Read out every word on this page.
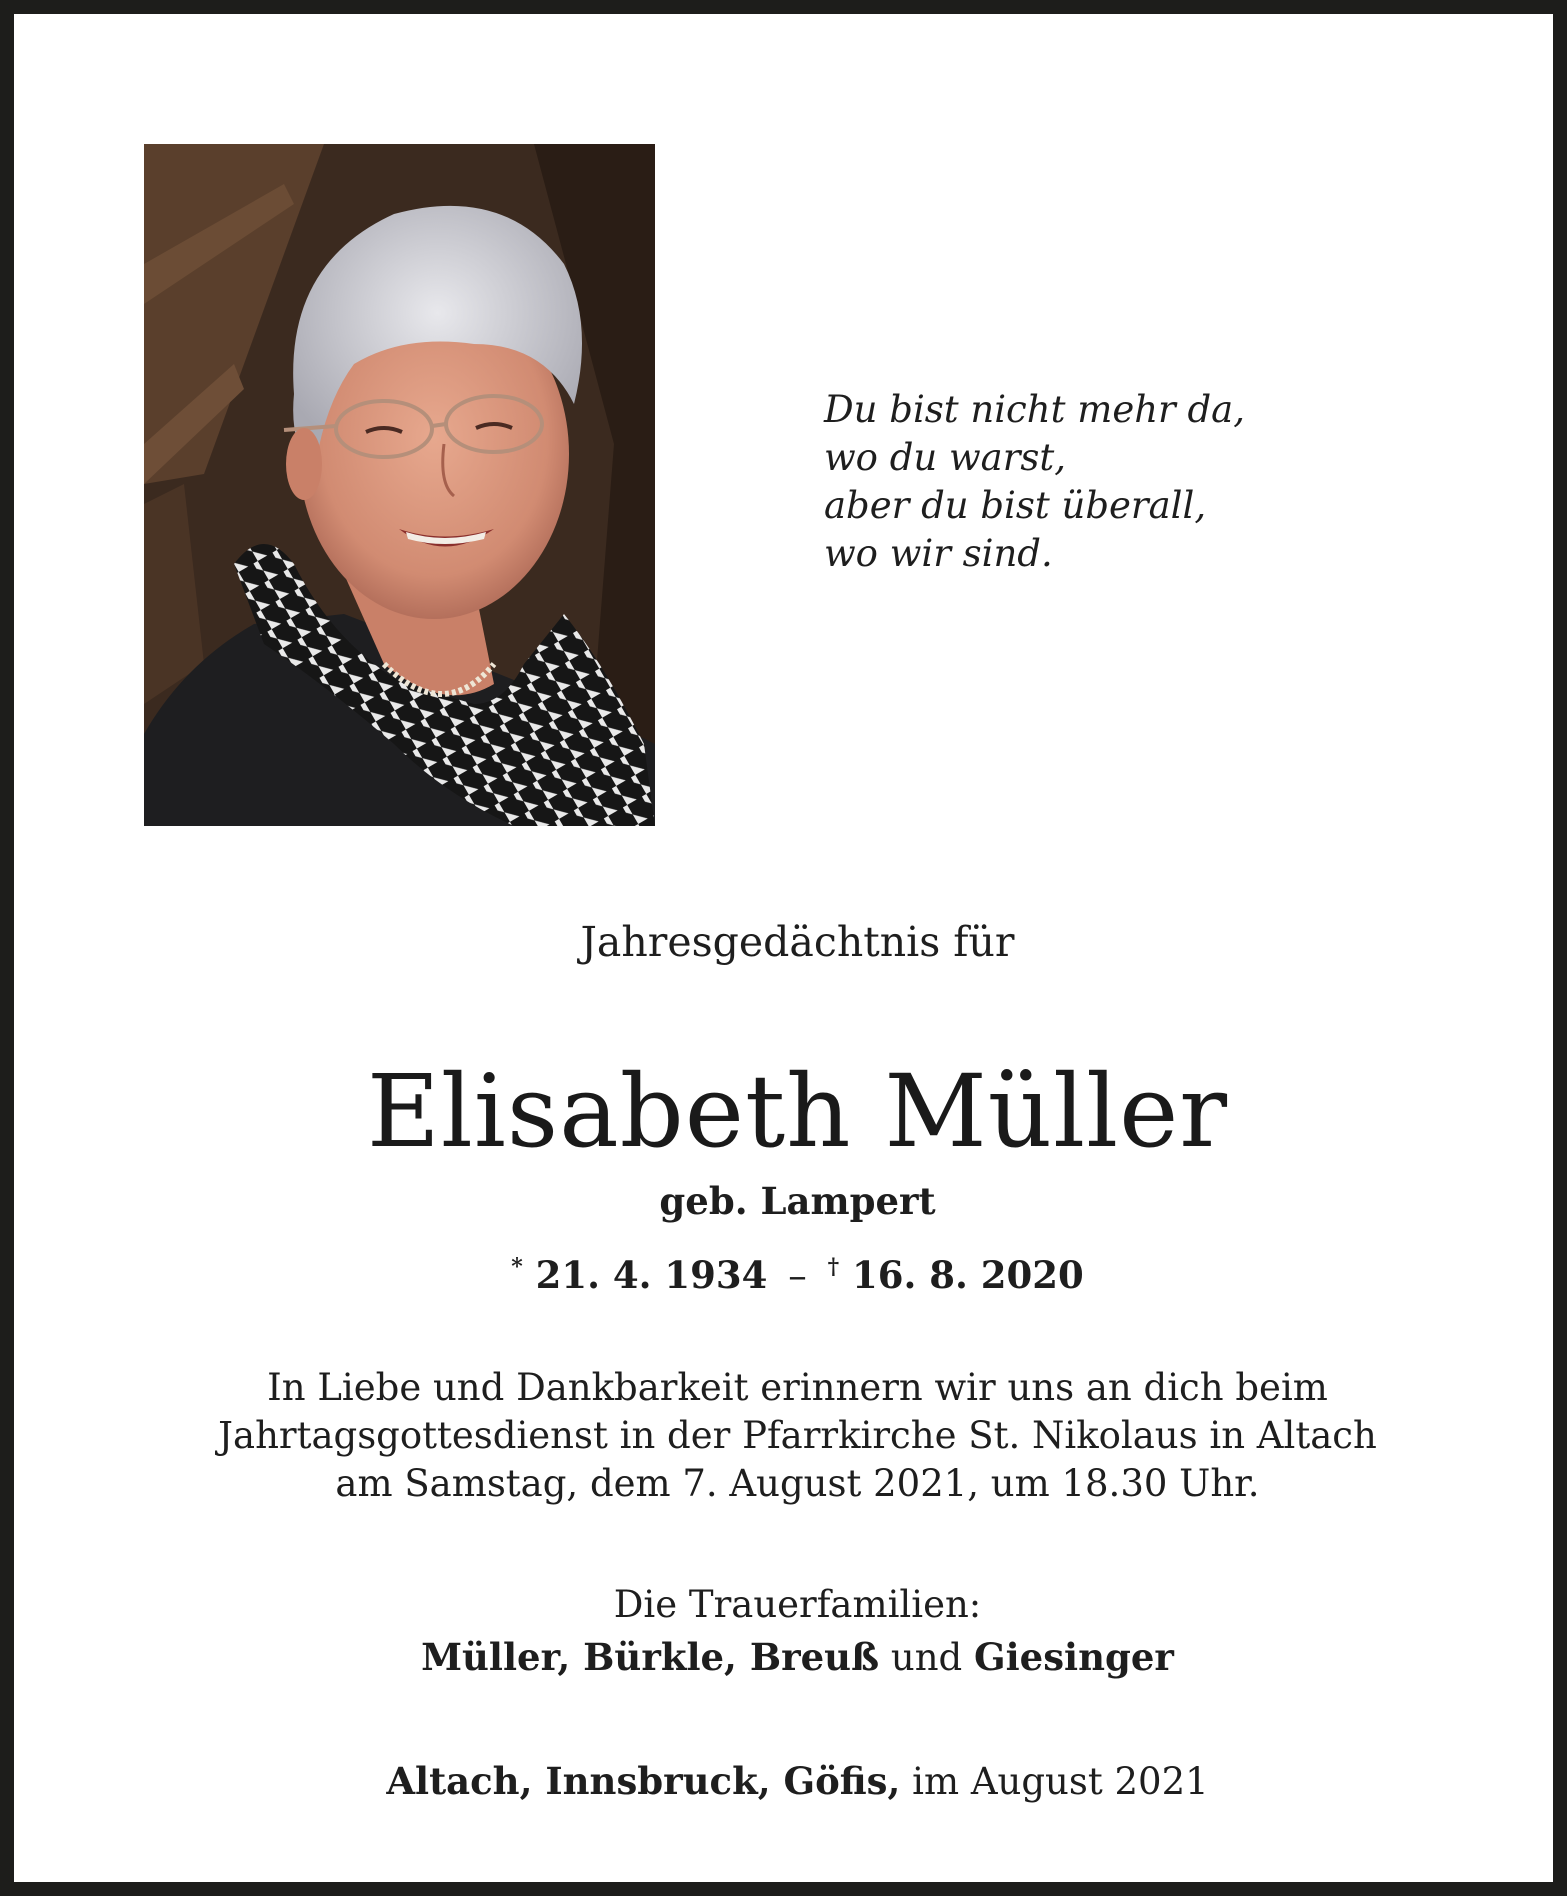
Du bist nicht mehr da,
wo du warst,
aber du bist überall,
wo wir sind.
Jahresgedächtnis für
Elisabeth Müller
geb. Lampert
* 21. 4. 1934 – † 16. 8. 2020
In Liebe und Dankbarkeit erinnern wir uns an dich beim
Jahrtagsgottesdienst in der Pfarrkirche St. Nikolaus in Altach
am Samstag, dem 7. August 2021, um 18.30 Uhr.
Die Trauerfamilien:
Müller, Bürkle, Breuß und Giesinger
Altach, Innsbruck, Göfis, im August 2021
